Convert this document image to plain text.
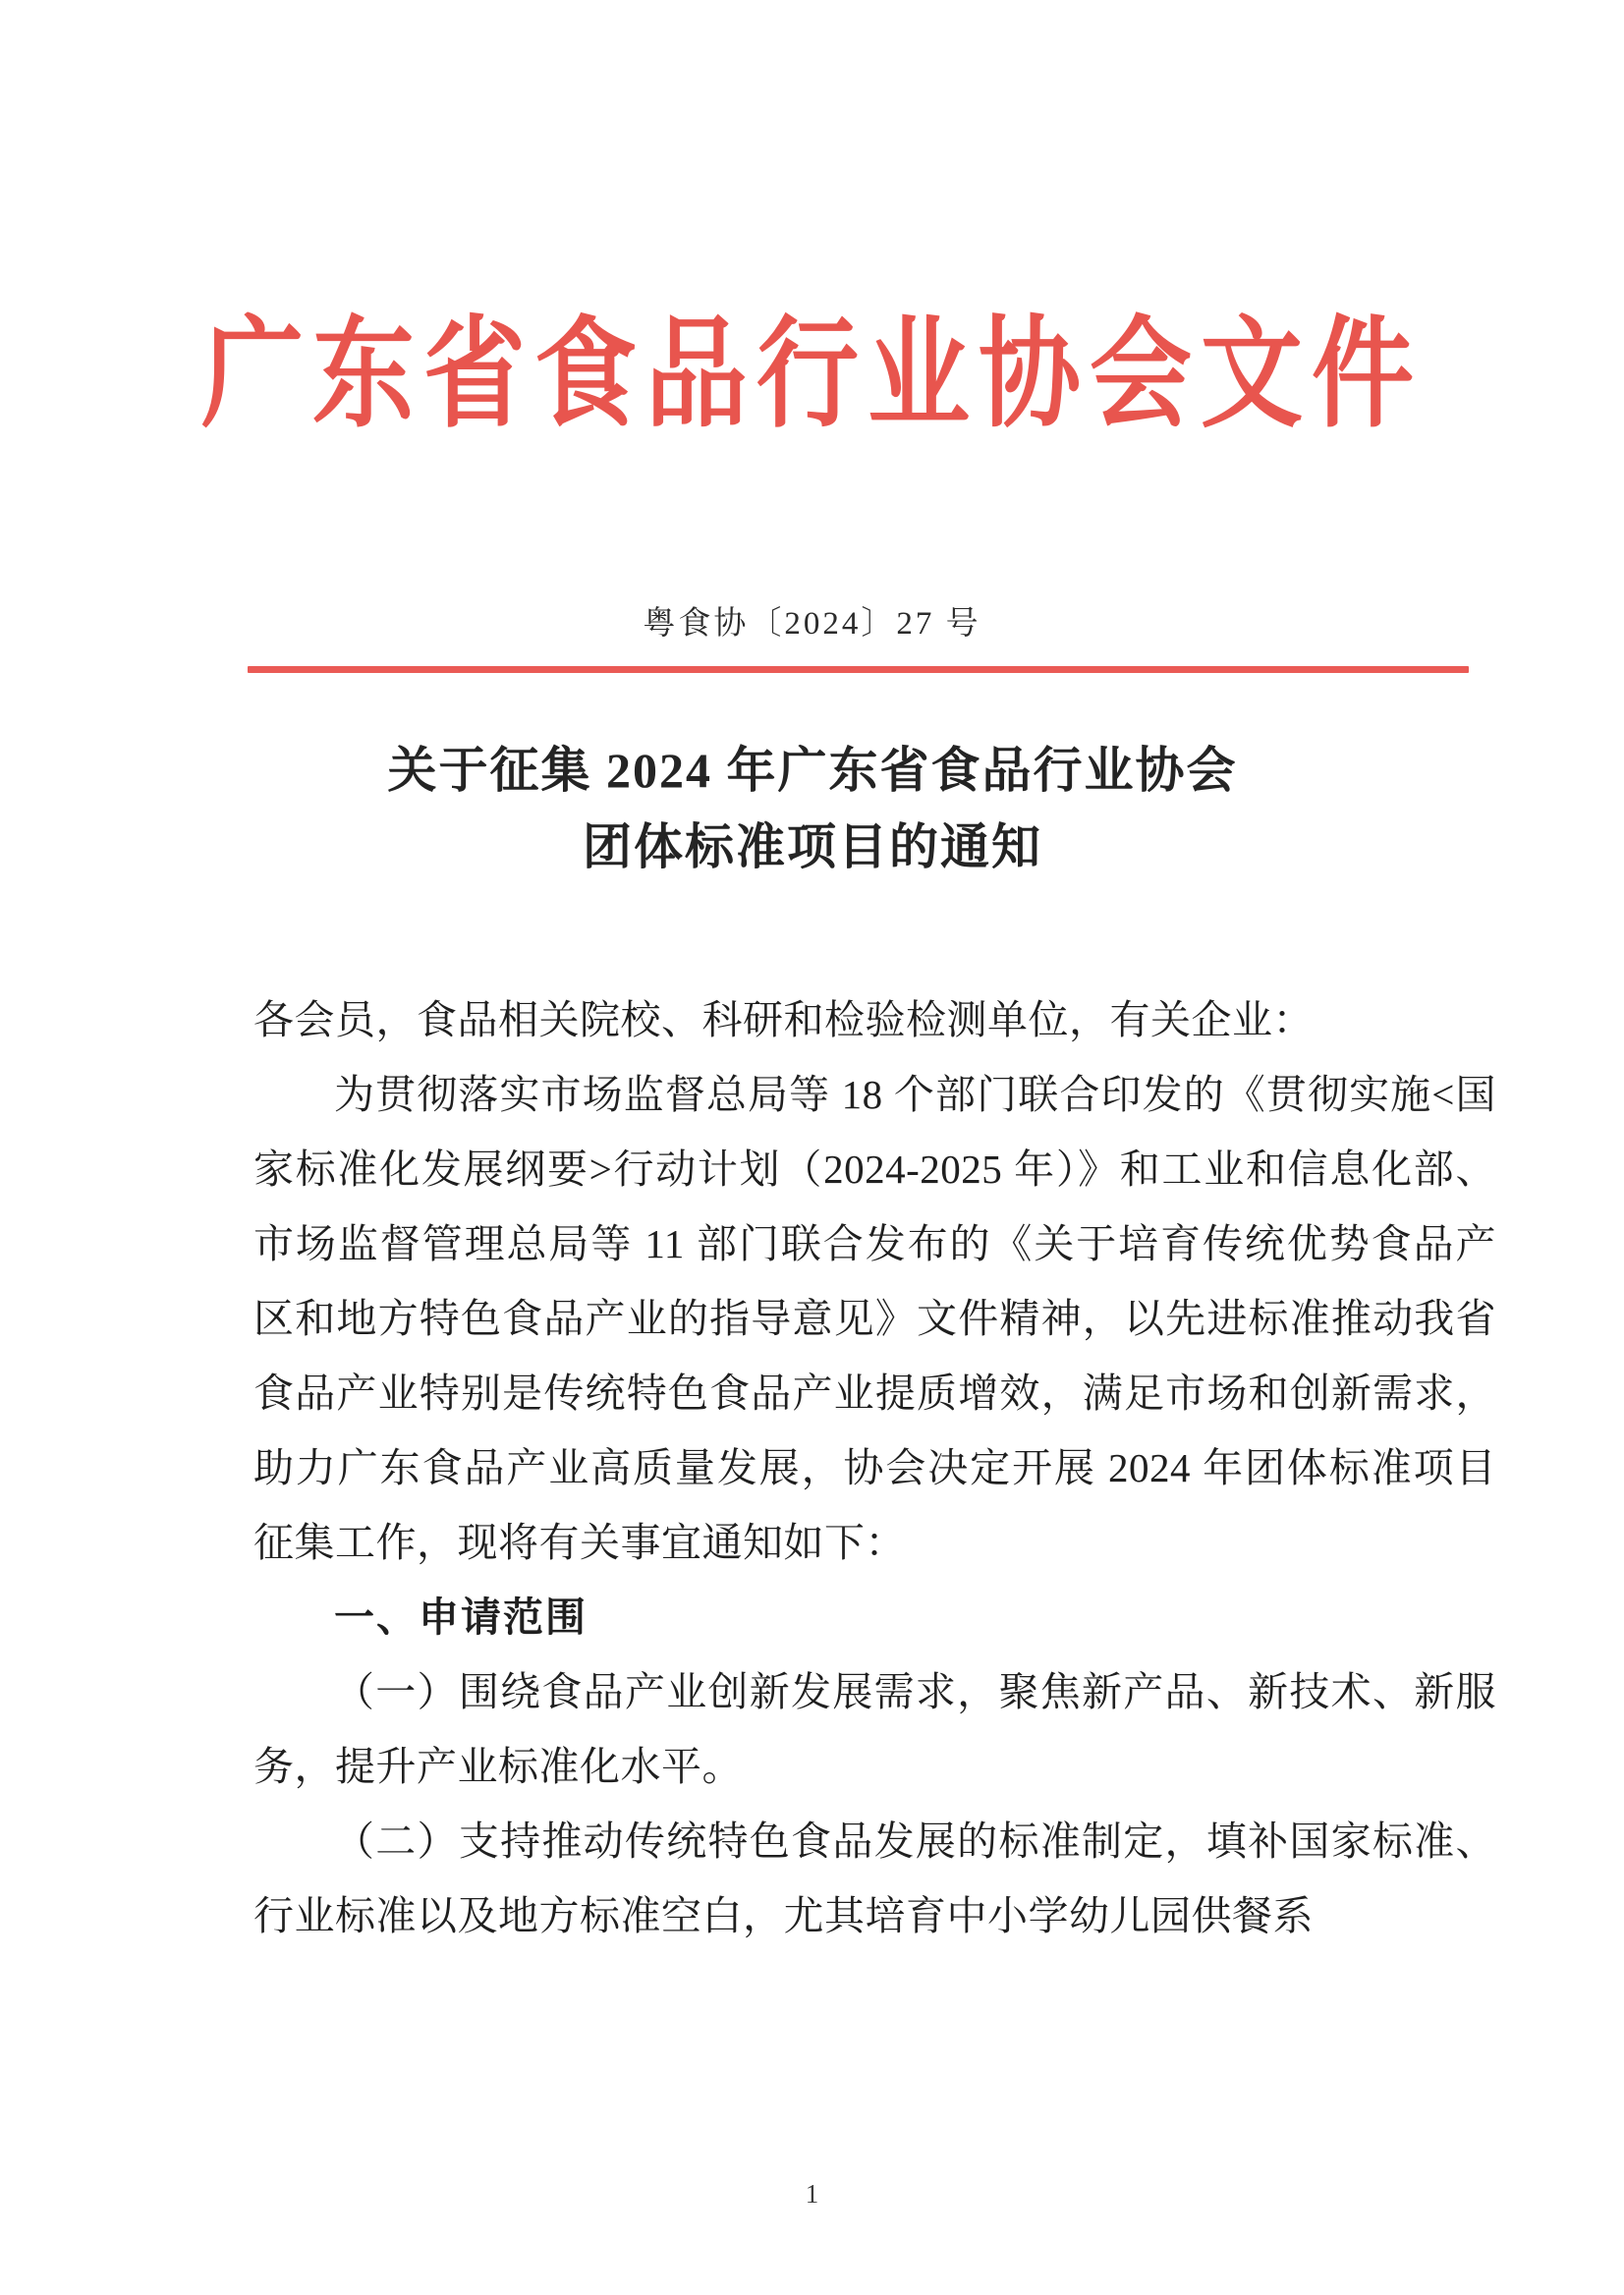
广东省食品行业协会文件
粤食协〔2024〕27 号
关于征集 2024 年广东省食品行业协会
团体标准项目的通知

各会员，食品相关院校、科研和检验检测单位，有关企业：

为贯彻落实市场监督总局等 18 个部门联合印发的《贯彻实施<国家标准化发展纲要>行动计划（2024-2025 年）》和工业和信息化部、市场监督管理总局等 11 部门联合发布的《关于培育传统优势食品产区和地方特色食品产业的指导意见》文件精神，以先进标准推动我省食品产业特别是传统特色食品产业提质增效，满足市场和创新需求，助力广东食品产业高质量发展，协会决定开展 2024 年团体标准项目征集工作，现将有关事宜通知如下：

一、申请范围

（一）围绕食品产业创新发展需求，聚焦新产品、新技术、新服务，提升产业标准化水平。

（二）支持推动传统特色食品发展的标准制定，填补国家标准、行业标准以及地方标准空白，尤其培育中小学幼儿园供餐系

1
